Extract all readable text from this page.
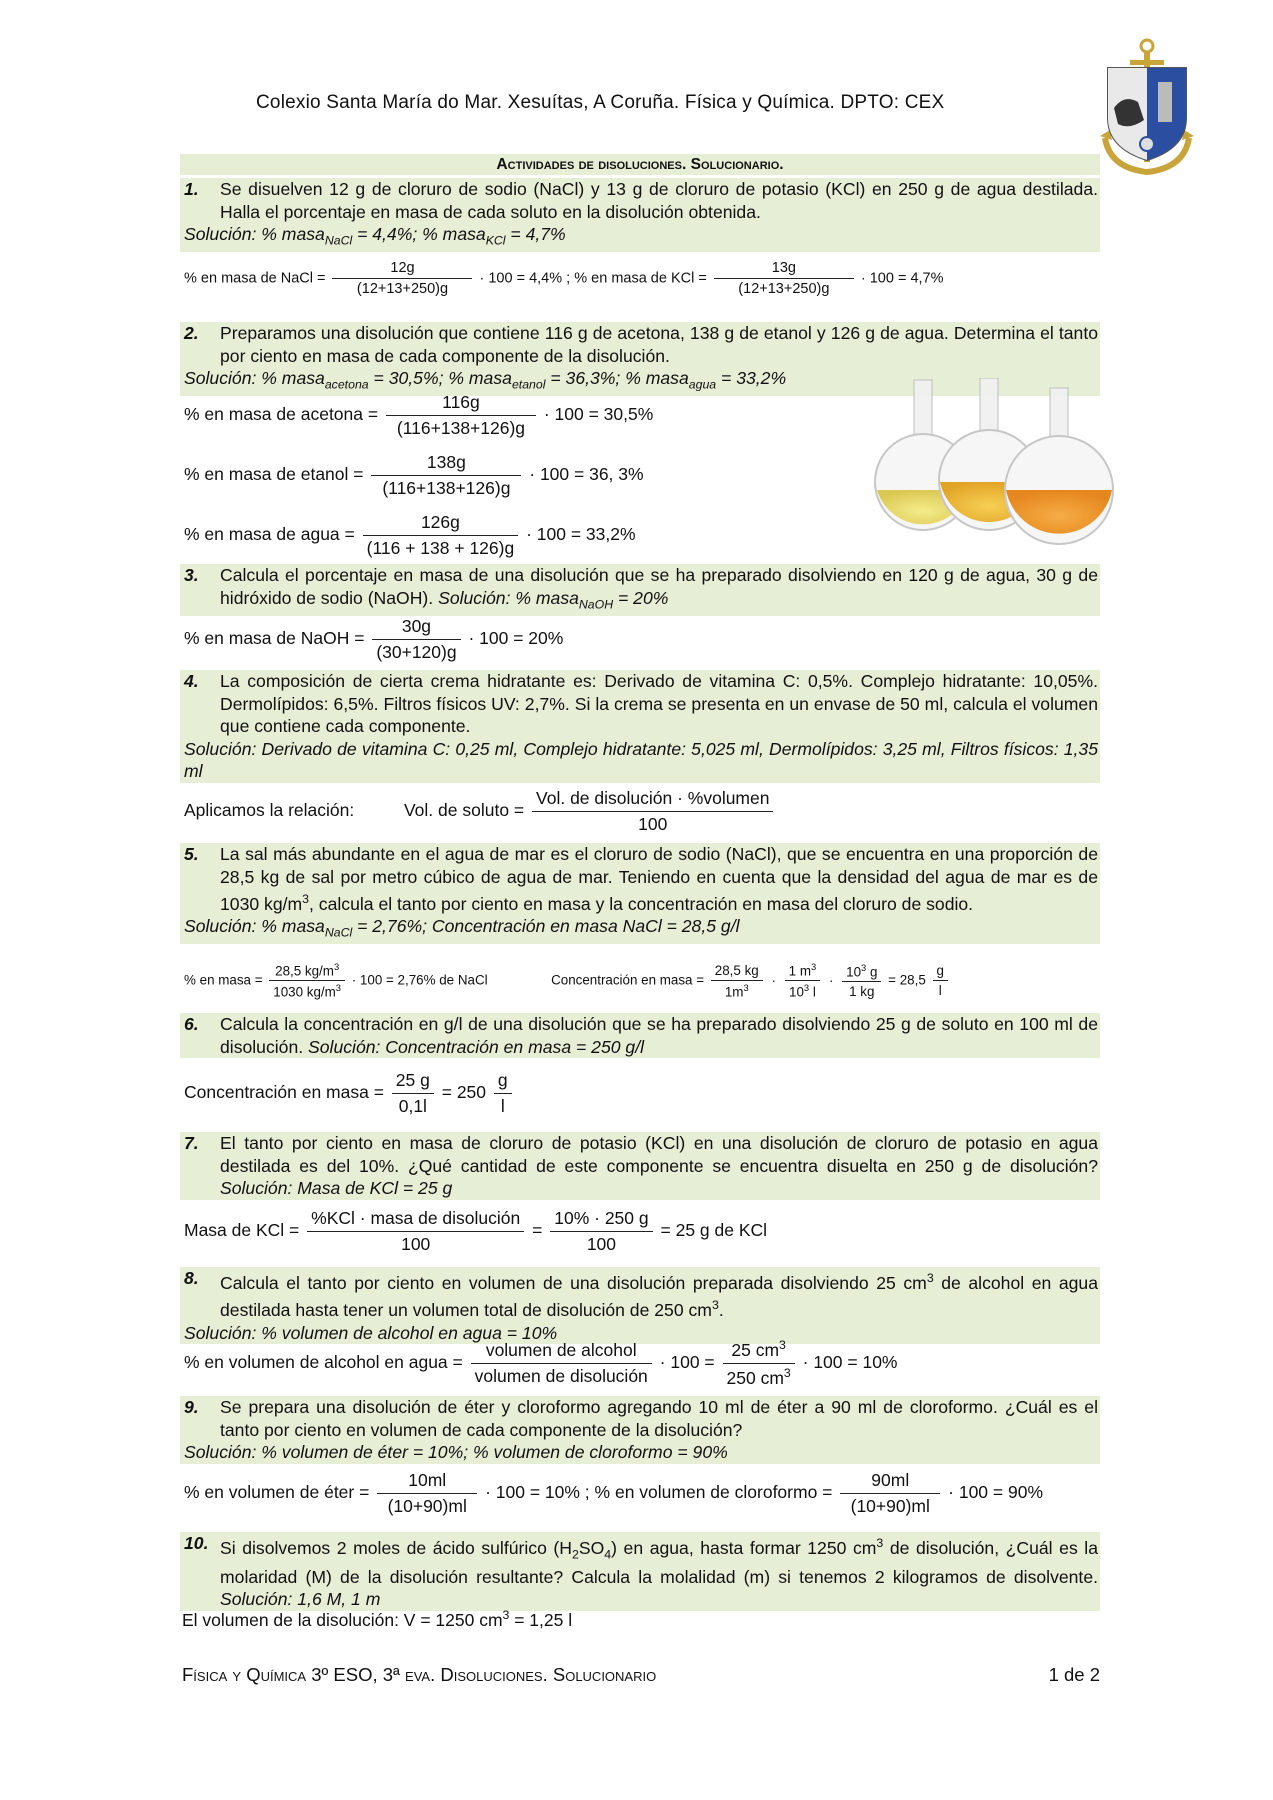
Colexio Santa María do Mar. Xesuítas, A Coruña. Física y Química. DPTO: CEX
Actividades de disoluciones. Solucionario.
1.	Se disuelven 12 g de cloruro de sodio (NaCl) y 13 g de cloruro de potasio (KCl) en 250 g de agua destilada. Halla el porcentaje en masa de cada soluto en la disolución obtenida.
Solución: % masa$_{NaCl}$ = 4,4%; % masa$_{KCl}$ = 4,7%
% en masa de NaCl = $\frac{12g}{(12+13+250)g} \cdot 100 = 4,4\%$ ; % en masa de KCl = $\frac{13g}{(12+13+250)g} \cdot 100 = 4,7\%$
2.	Preparamos una disolución que contiene 116 g de acetona, 138 g de etanol y 126 g de agua. Determina el tanto por ciento en masa de cada componente de la disolución.
Solución: % masa$_{acetona}$ = 30,5%; % masa$_{etanol}$ = 36,3%; % masa$_{agua}$ = 33,2%
% en masa de acetona = $\frac{116g}{(116+138+126)g} \cdot 100 = 30,5\%$
% en masa de etanol = $\frac{138g}{(116+138+126)g} \cdot 100 = 36$, 3%
% en masa de agua = $\frac{126g}{(116 + 138 + 126)g} \cdot 100 = 33,2\%$
3.	Calcula el porcentaje en masa de una disolución que se ha preparado disolviendo en 120 g de agua, 30 g de hidróxido de sodio (NaOH). Solución: % masa$_{NaOH}$ = 20%
% en masa de NaOH = $\frac{30g}{(30+120)g} \cdot 100 = 20\%$
4.	La composición de cierta crema hidratante es: Derivado de vitamina C: 0,5%. Complejo hidratante: 10,05%. Dermolípidos: 6,5%. Filtros físicos UV: 2,7%. Si la crema se presenta en un envase de 50 ml, calcula el volumen que contiene cada componente.
Solución: Derivado de vitamina C: 0,25 ml, Complejo hidratante: 5,025 ml, Dermolípidos: 3,25 ml, Filtros físicos: 1,35 ml
Aplicamos la relación:	Vol. de soluto = $\frac{\text{Vol. de disolución · \%volumen}}{100}$
5.	La sal más abundante en el agua de mar es el cloruro de sodio (NaCl), que se encuentra en una proporción de 28,5 kg de sal por metro cúbico de agua de mar. Teniendo en cuenta que la densidad del agua de mar es de 1030 $kg/m^3$, calcula el tanto por ciento en masa y la concentración en masa del cloruro de sodio.
Solución: % masa$_{NaCl}$ = 2,76%; Concentración en masa NaCl = 28,5 g/l
% en masa = $\frac{28,5 kg/m^3}{1030 kg/m^3} \cdot 100 = 2,76\%$ de NaCl	Concentración en masa = $\frac{28,5 kg}{1m^3} \cdot \frac{1 m^3}{10^3 l} \cdot \frac{10^3 g}{1 kg} = 28,5 \frac{g}{l}$
6.	Calcula la concentración en g/l de una disolución que se ha preparado disolviendo 25 g de soluto en 100 ml de disolución. Solución: Concentración en masa = 250 g/l
Concentración en masa = $\frac{25 g}{0,1l} = 250 \frac{g}{l}$
7.	El tanto por ciento en masa de cloruro de potasio (KCl) en una disolución de cloruro de potasio en agua destilada es del 10%. ¿Qué cantidad de este componente se encuentra disuelta en 250 g de disolución? Solución: Masa de KCl = 25 g
Masa de KCl = $\frac{\text{\%KCl · masa de disolución}}{100} = \frac{10\% \cdot 250 g}{100} = 25$ g de KCl
8.	Calcula el tanto por ciento en volumen de una disolución preparada disolviendo 25 $cm^3$ de alcohol en agua destilada hasta tener un volumen total de disolución de 250 $cm^3$.
Solución: % volumen de alcohol en agua = 10%
% en volumen de alcohol en agua = $\frac{\text{volumen de alcohol}}{\text{volumen de disolución}} \cdot 100 = \frac{25 cm^3}{250 cm^3} \cdot 100 = 10\%$
9.	Se prepara una disolución de éter y cloroformo agregando 10 ml de éter a 90 ml de cloroformo. ¿Cuál es el tanto por ciento en volumen de cada componente de la disolución?
Solución: % volumen de éter = 10%; % volumen de cloroformo = 90%
% en volumen de éter = $\frac{10ml}{(10+90)ml} \cdot 100 = 10\%$ ; % en volumen de cloroformo = $\frac{90ml}{(10+90)ml} \cdot 100 = 90\%$
10. Si disolvemos 2 moles de ácido sulfúrico $(H_2SO_4)$ en agua, hasta formar 1250 $cm^3$ de disolución, ¿Cuál es la molaridad (M) de la disolución resultante? Calcula la molalidad (m) si tenemos 2 kilogramos de disolvente. Solución: 1,6 M, 1 m
El volumen de la disolución: V = 1250 $cm^3 = 1,25$ l
Física y Química 3º ESO, 3ª eva. Disoluciones. Solucionario	1 de 2
